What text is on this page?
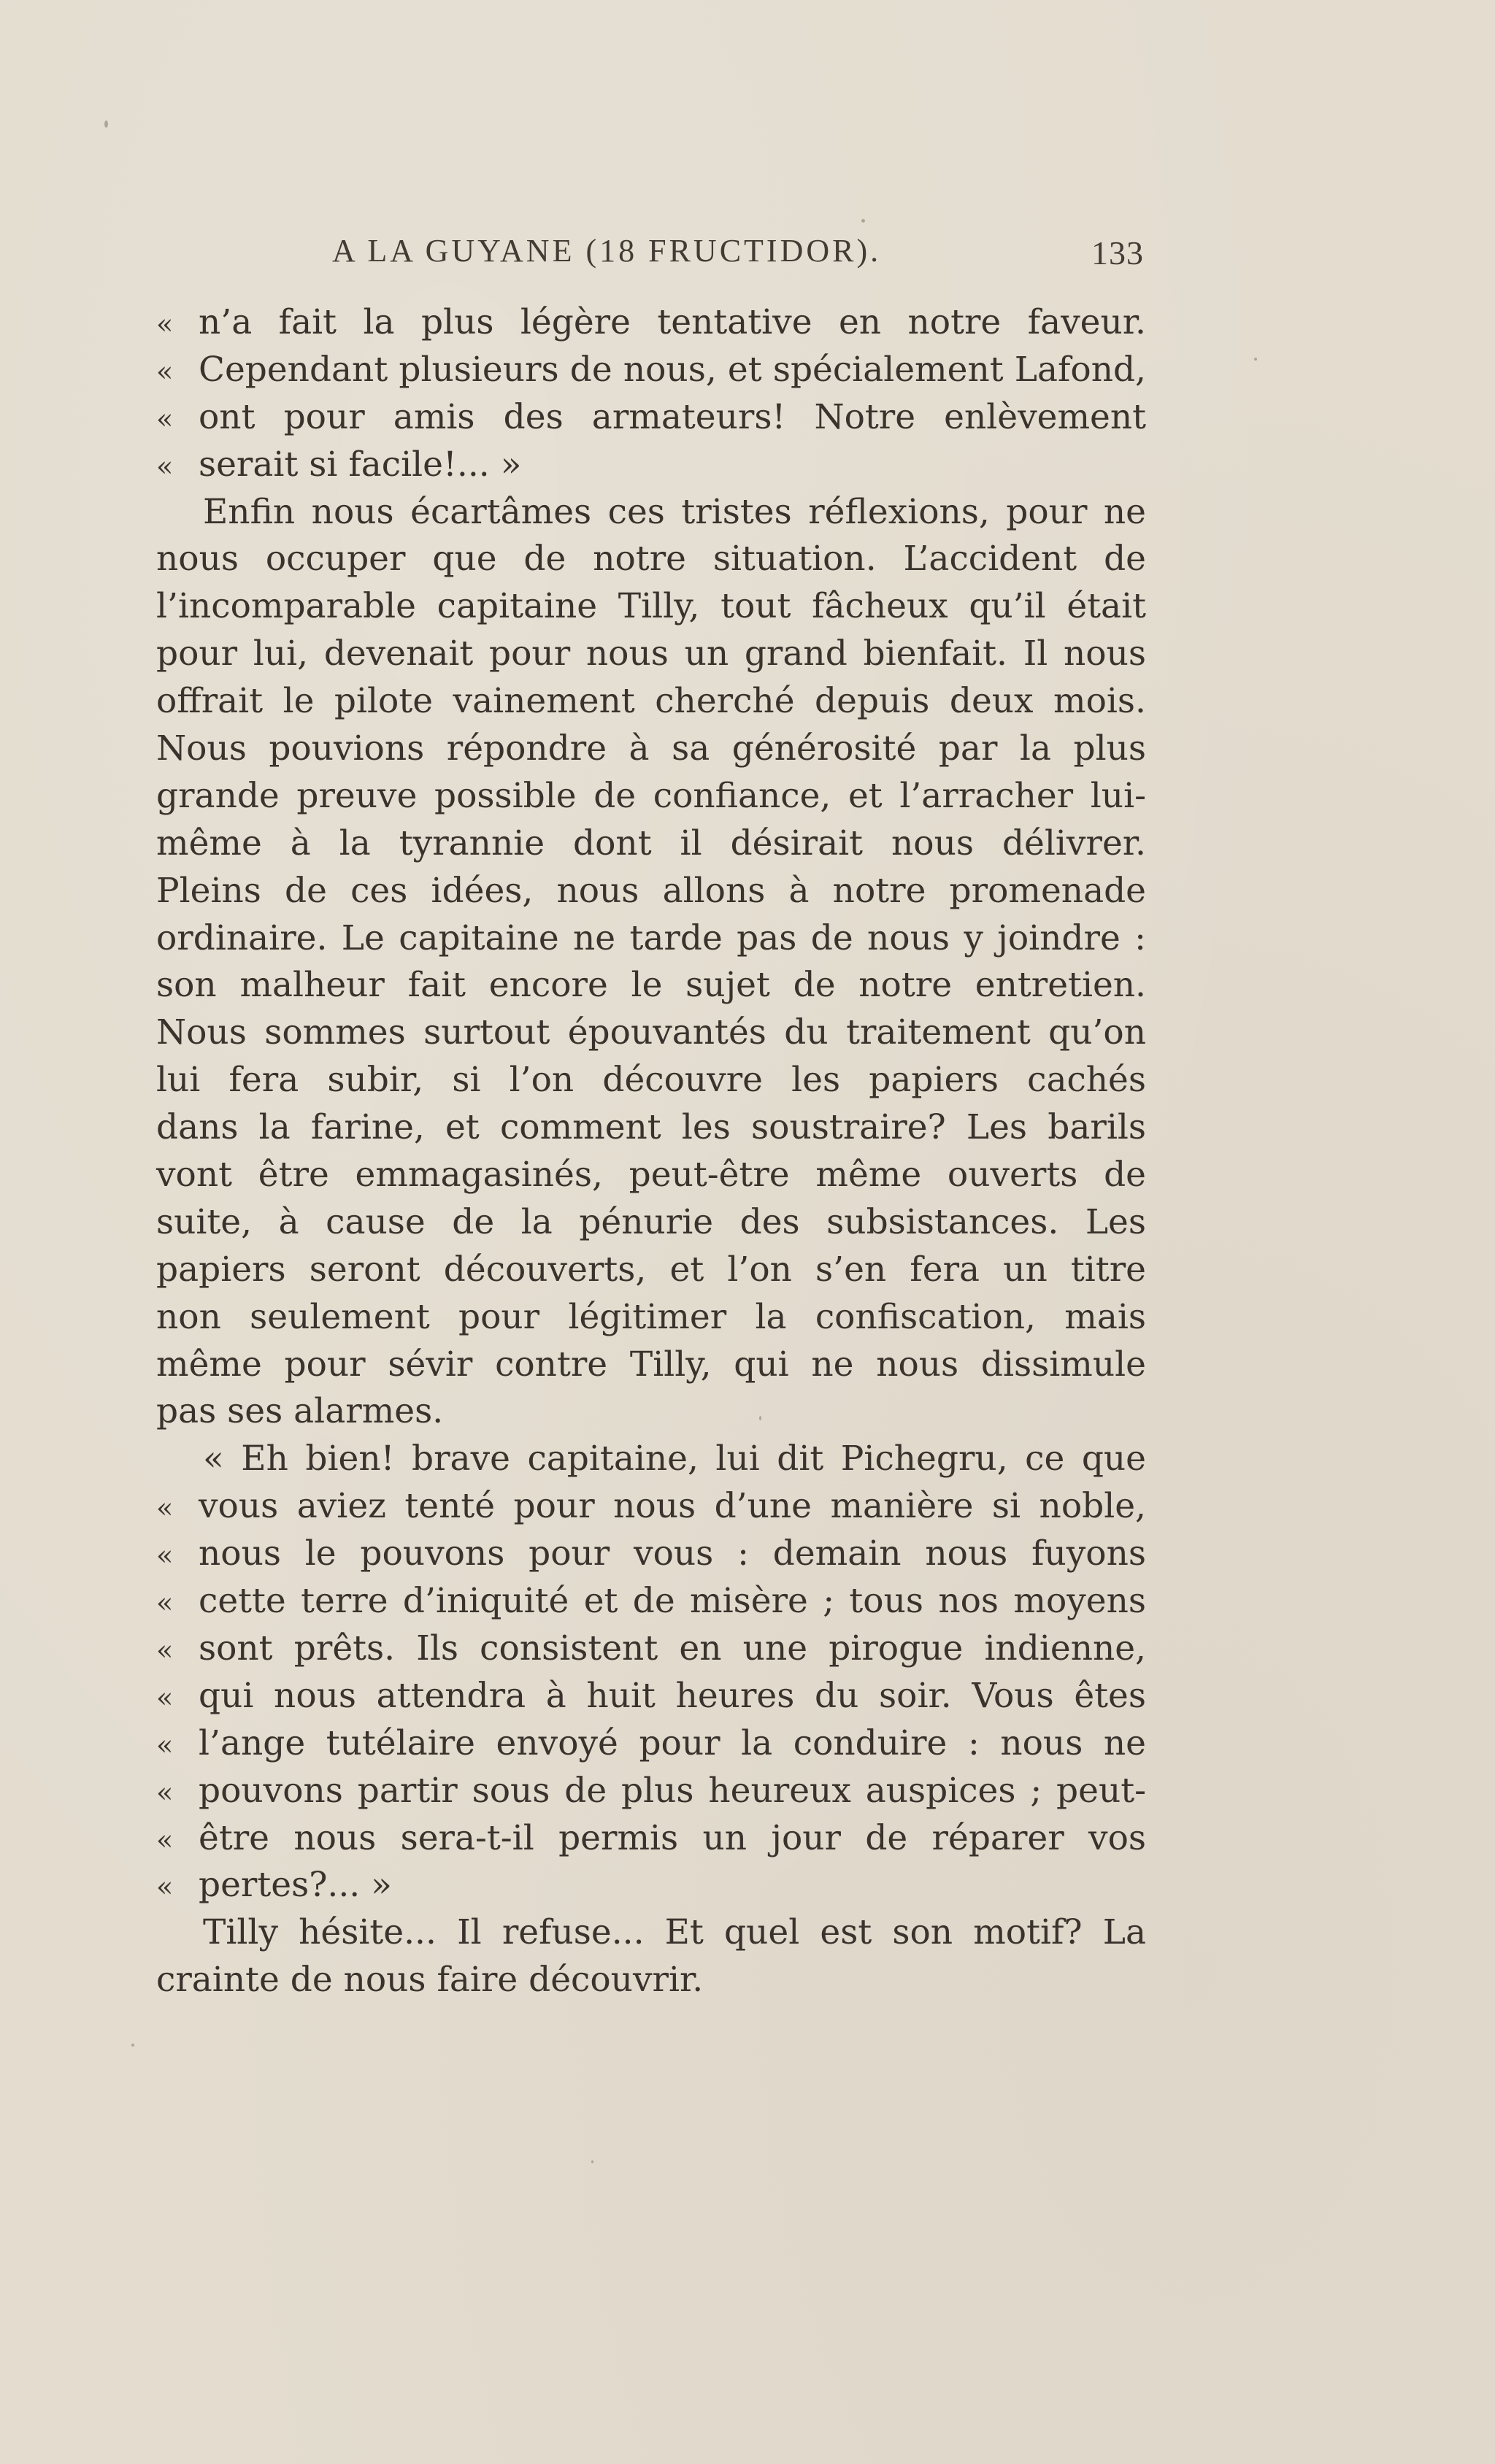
A LA GUYANE (18 FRUCTIDOR).	133
« n’a fait la plus légère tentative en notre faveur.
« Cependant plusieurs de nous, et spécialement Lafond,
« ont pour amis des armateurs! Notre enlèvement
« serait si facile!... »
Enfin nous écartâmes ces tristes réflexions, pour ne
nous occuper que de notre situation. L’accident de
l’incomparable capitaine Tilly, tout fâcheux qu’il était
pour lui, devenait pour nous un grand bienfait. Il nous
offrait le pilote vainement cherché depuis deux mois.
Nous pouvions répondre à sa générosité par la plus
grande preuve possible de confiance, et l’arracher lui-
même à la tyrannie dont il désirait nous délivrer.
Pleins de ces idées, nous allons à notre promenade
ordinaire. Le capitaine ne tarde pas de nous y joindre :
son malheur fait encore le sujet de notre entretien.
Nous sommes surtout épouvantés du traitement qu’on
lui fera subir, si l’on découvre les papiers cachés
dans la farine, et comment les soustraire? Les barils
vont être emmagasinés, peut-être même ouverts de
suite, à cause de la pénurie des subsistances. Les
papiers seront découverts, et l’on s’en fera un titre
non seulement pour légitimer la confiscation, mais
même pour sévir contre Tilly, qui ne nous dissimule
pas ses alarmes.
« Eh bien! brave capitaine, lui dit Pichegru, ce que
« vous aviez tenté pour nous d’une manière si noble,
« nous le pouvons pour vous : demain nous fuyons
« cette terre d’iniquité et de misère ; tous nos moyens
« sont prêts. Ils consistent en une pirogue indienne,
« qui nous attendra à huit heures du soir. Vous êtes
« l’ange tutélaire envoyé pour la conduire : nous ne
« pouvons partir sous de plus heureux auspices ; peut-
« être nous sera-t-il permis un jour de réparer vos
« pertes?... »
Tilly hésite... Il refuse... Et quel est son motif? La
crainte de nous faire découvrir.
